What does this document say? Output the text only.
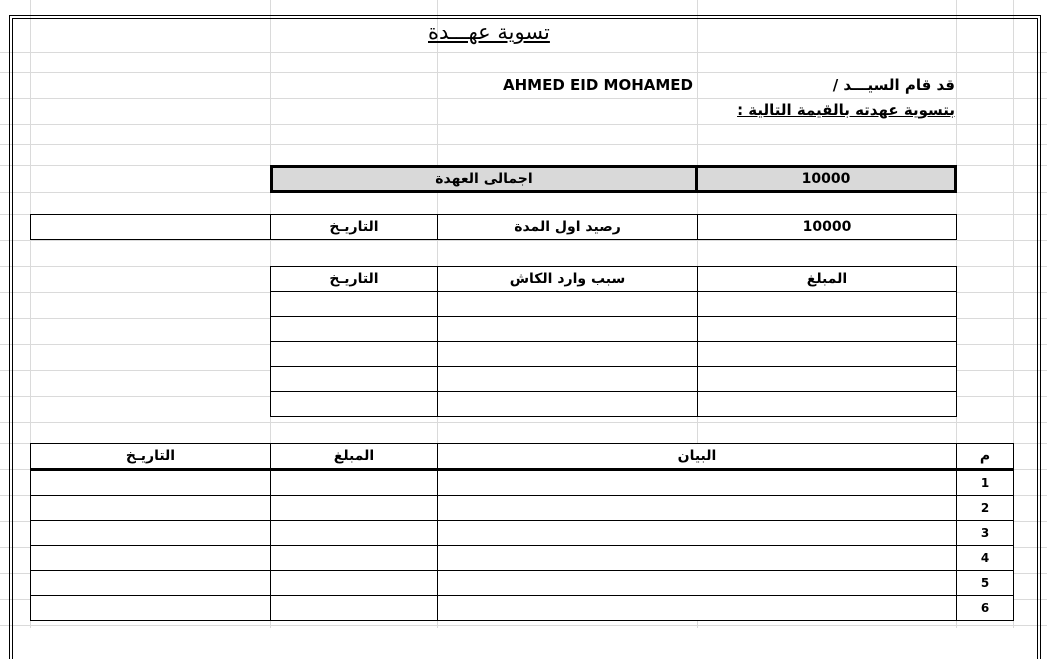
تسوية عهـــدة
قد قام السيـــد /
AHMED EID MOHAMED
بتسوية عهدته بالقيمة التالية :
10000	اجمالى العهدة
10000	رصيد اول المدة	التاريـخ	
المبلغ	سبب وارد الكاش	التاريـخ

م	البيان	المبلغ	التاريـخ
1			
2			
3			
4			
5			
6			
